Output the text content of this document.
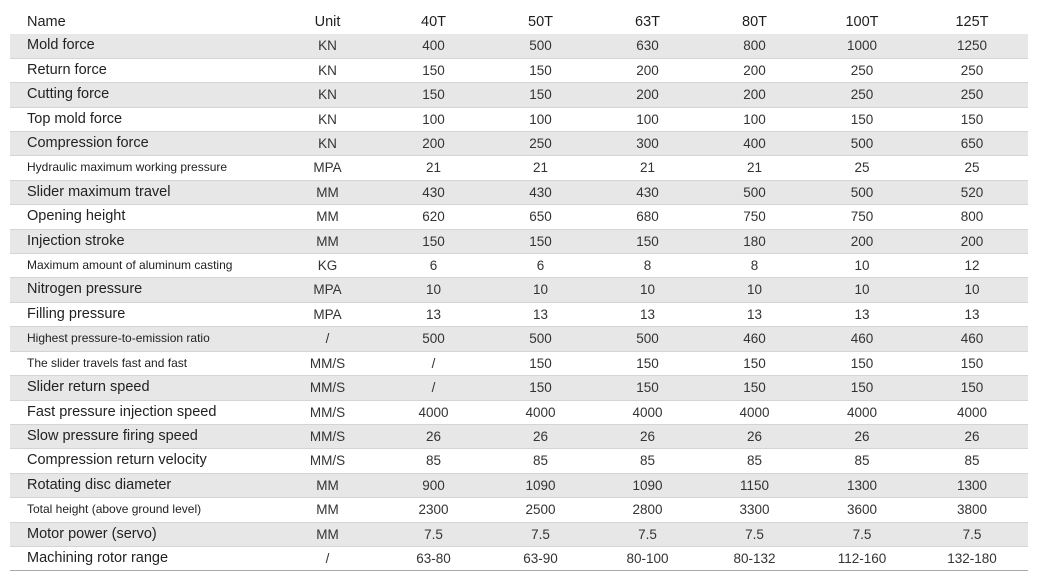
Name	Unit	40T	50T	63T	80T	100T	125T
Mold force	KN	400	500	630	800	1000	1250
Return force	KN	150	150	200	200	250	250
Cutting force	KN	150	150	200	200	250	250
Top mold force	KN	100	100	100	100	150	150
Compression force	KN	200	250	300	400	500	650
Hydraulic maximum working pressure	MPA	21	21	21	21	25	25
Slider maximum travel	MM	430	430	430	500	500	520
Opening height	MM	620	650	680	750	750	800
Injection stroke	MM	150	150	150	180	200	200
Maximum amount of aluminum casting	KG	6	6	8	8	10	12
Nitrogen pressure	MPA	10	10	10	10	10	10
Filling pressure	MPA	13	13	13	13	13	13
Highest pressure-to-emission ratio	/	500	500	500	460	460	460
The slider travels fast and fast	MM/S	/	150	150	150	150	150
Slider return speed	MM/S	/	150	150	150	150	150
Fast pressure injection speed	MM/S	4000	4000	4000	4000	4000	4000
Slow pressure firing speed	MM/S	26	26	26	26	26	26
Compression return velocity	MM/S	85	85	85	85	85	85
Rotating disc diameter	MM	900	1090	1090	1150	1300	1300
Total height (above ground level)	MM	2300	2500	2800	3300	3600	3800
Motor power (servo)	MM	7.5	7.5	7.5	7.5	7.5	7.5
Machining rotor range	/	63-80	63-90	80-100	80-132	112-160	132-180
